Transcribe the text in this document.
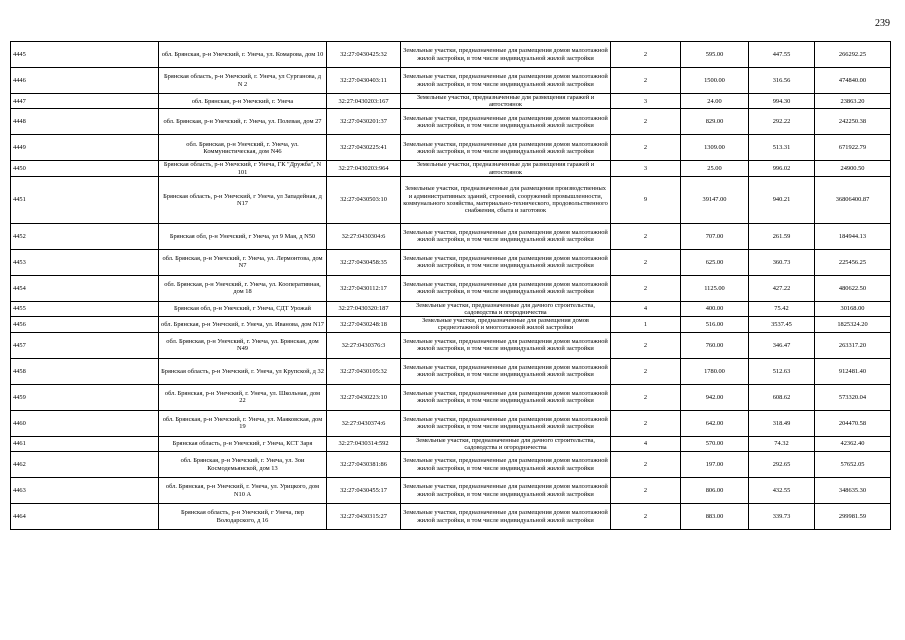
239
4445	обл. Брянская, р-н Унечский, г. Унеча, ул. Комарова, дом 10	32:27:0430425:32	Земельные участки, предназначенные для размещения домов малоэтажной жилой застройки, в том числе индивидуальной жилой застройки	2	595.00	447.55	266292.25
4446	Брянская область, р-н Унечский, г. Унеча, ул Сурганова, д N 2	32:27:0430403:11	Земельные участки, предназначенные для размещения домов малоэтажной жилой застройки, в том числе индивидуальной жилой застройки	2	1500.00	316.56	474840.00
4447	обл. Брянская, р-н Унечский, г. Унеча	32:27:0430203:167	Земельные участки, предназначенные для размещения гаражей и автостоянок	3	24.00	994.30	23863.20
4448	обл. Брянская, р-н Унечский, г. Унеча, ул. Полевая, дом 27	32:27:0430201:37	Земельные участки, предназначенные для размещения домов малоэтажной жилой застройки, в том числе индивидуальной жилой застройки	2	829.00	292.22	242250.38
4449	обл. Брянская, р-н Унечский, г. Унеча, ул. Коммунистическая, дом N46	32:27:0430225:41	Земельные участки, предназначенные для размещения домов малоэтажной жилой застройки, в том числе индивидуальной жилой застройки	2	1309.00	513.31	671922.79
4450	Брянская область, р-н Унечский, г Унеча, ГК "Дружба", N 101	32:27:0430203:964	Земельные участки, предназначенные для размещения гаражей и автостоянок	3	25.00	996.02	24900.50
4451	Брянская область, р-н Унечский, г Унеча, ул Западейная, д N17	32:27:0430503:10	Земельные участки, предназначенные для размещения производственных и административных зданий, строений, сооружений промышленности, коммунального хозяйства, материально-технического, продовольственного снабжения, сбыта и заготовок	9	39147.00	940.21	36806400.87
4452	Брянская обл, р-н Унечский, г Унеча, ул 9 Мая, д N50	32:27:0430304:6	Земельные участки, предназначенные для размещения домов малоэтажной жилой застройки, в том числе индивидуальной жилой застройки	2	707.00	261.59	184944.13
4453	обл. Брянская, р-н Унечский, г. Унеча, ул. Лермонтова, дом N7	32:27:0430458:35	Земельные участки, предназначенные для размещения домов малоэтажной жилой застройки, в том числе индивидуальной жилой застройки	2	625.00	360.73	225456.25
4454	обл. Брянская, р-н Унечский, г. Унеча, ул. Кооперативная, дом 18	32:27:0430112:17	Земельные участки, предназначенные для размещения домов малоэтажной жилой застройки, в том числе индивидуальной жилой застройки	2	1125.00	427.22	480622.50
4455	Брянская обл, р-н Унечский, г Унеча, СДТ Урожай	32:27:0430320:187	Земельные участки, предназначенные для дачного строительства, садоводства и огородничества	4	400.00	75.42	30168.00
4456	обл. Брянская, р-н Унечский, г. Унеча, ул. Иванова, дом N17	32:27:0430248:18	Земельные участки, предназначенные для размещения домов среднеэтажной и многоэтажной жилой застройки	1	516.00	3537.45	1825324.20
4457	обл. Брянская, р-н Унечский, г. Унеча, ул. Брянская, дом N49	32:27:0430376:3	Земельные участки, предназначенные для размещения домов малоэтажной жилой застройки, в том числе индивидуальной жилой застройки	2	760.00	346.47	263317.20
4458	Брянская область, р-н Унечский, г. Унеча, ул Крупской, д 32	32:27:0430105:32	Земельные участки, предназначенные для размещения домов малоэтажной жилой застройки, в том числе индивидуальной жилой застройки	2	1780.00	512.63	912481.40
4459	обл. Брянская, р-н Унечский, г. Унеча, ул. Школьная, дом 22	32:27:0430223:10	Земельные участки, предназначенные для размещения домов малоэтажной жилой застройки, в том числе индивидуальной жилой застройки	2	942.00	608.62	573320.04
4460	обл. Брянская, р-н Унечский, г. Унеча, ул. Маяковская, дом 19	32:27:0430374:6	Земельные участки, предназначенные для размещения домов малоэтажной жилой застройки, в том числе индивидуальной жилой застройки	2	642.00	318.49	204470.58
4461	Брянская область, р-н Унечский, г Унеча, КСТ Заря	32:27:0430314:592	Земельные участки, предназначенные для дачного строительства, садоводства и огородничества	4	570.00	74.32	42362.40
4462	обл. Брянская, р-н Унечский, г. Унеча, ул. Зои Космодемьянской, дом 13	32:27:0430381:86	Земельные участки, предназначенные для размещения домов малоэтажной жилой застройки, в том числе индивидуальной жилой застройки	2	197.00	292.65	57652.05
4463	обл. Брянская, р-н Унечский, г. Унеча, ул. Урицкого, дом N10 А	32:27:0430455:17	Земельные участки, предназначенные для размещения домов малоэтажной жилой застройки, в том числе индивидуальной жилой застройки	2	806.00	432.55	348635.30
4464	Брянская область, р-н Унечский, г Унеча, пер Володарского, д 16	32:27:0430315:27	Земельные участки, предназначенные для размещения домов малоэтажной жилой застройки, в том числе индивидуальной жилой застройки	2	883.00	339.73	299981.59
